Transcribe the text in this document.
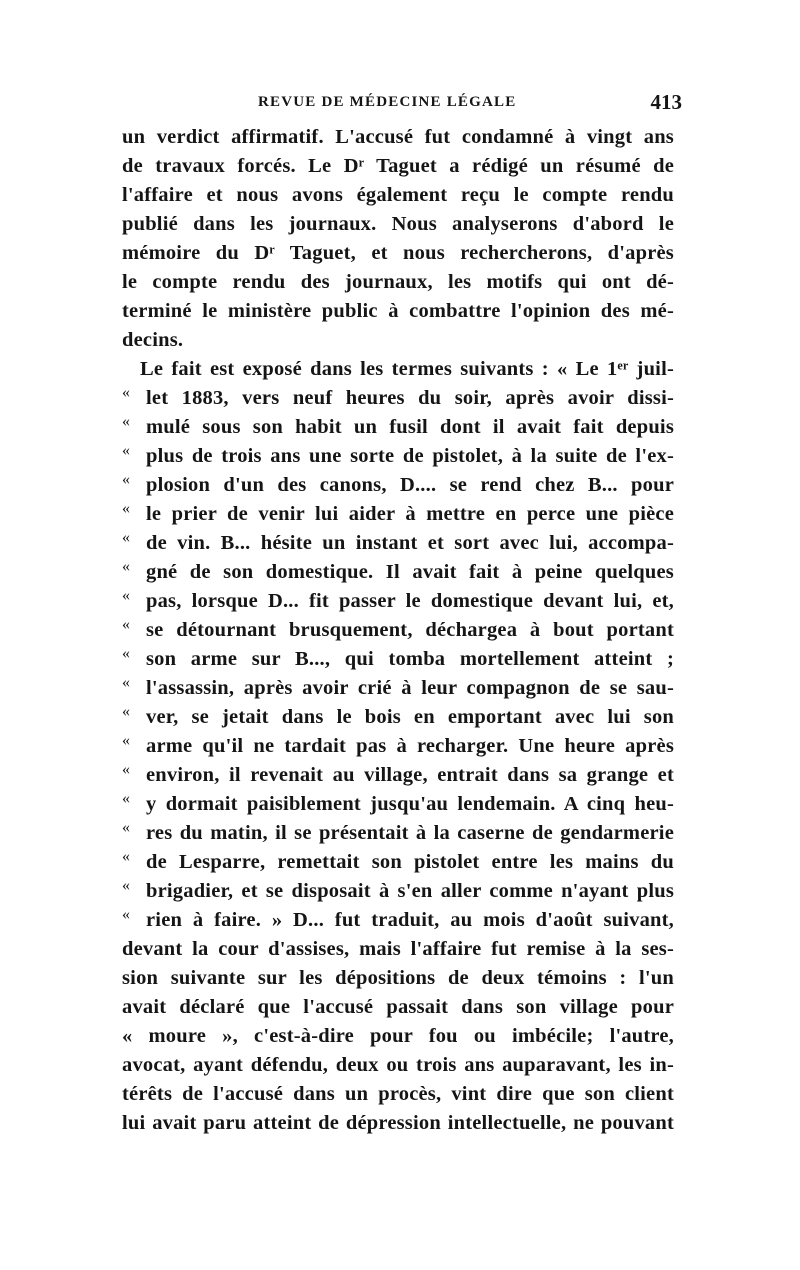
REVUE DE MÉDECINE LÉGALE	413
un verdict affirmatif. L'accusé fut condamné à vingt ans
de travaux forcés. Le Dʳ Taguet a rédigé un résumé de
l'affaire et nous avons également reçu le compte rendu
publié dans les journaux. Nous analyserons d'abord le
mémoire du Dʳ Taguet, et nous rechercherons, d'après
le compte rendu des journaux, les motifs qui ont dé-
terminé le ministère public à combattre l'opinion des mé-
decins.
Le fait est exposé dans les termes suivants : « Le 1ᵉʳ juil-
« let 1883, vers neuf heures du soir, après avoir dissi-
« mulé sous son habit un fusil dont il avait fait depuis
« plus de trois ans une sorte de pistolet, à la suite de l'ex-
« plosion d'un des canons, D.... se rend chez B... pour
« le prier de venir lui aider à mettre en perce une pièce
« de vin. B... hésite un instant et sort avec lui, accompa-
« gné de son domestique. Il avait fait à peine quelques
« pas, lorsque D... fit passer le domestique devant lui, et,
« se détournant brusquement, déchargea à bout portant
« son arme sur B..., qui tomba mortellement atteint ;
« l'assassin, après avoir crié à leur compagnon de se sau-
« ver, se jetait dans le bois en emportant avec lui son
« arme qu'il ne tardait pas à recharger. Une heure après
« environ, il revenait au village, entrait dans sa grange et
« y dormait paisiblement jusqu'au lendemain. A cinq heu-
« res du matin, il se présentait à la caserne de gendarmerie
« de Lesparre, remettait son pistolet entre les mains du
« brigadier, et se disposait à s'en aller comme n'ayant plus
« rien à faire. » D... fut traduit, au mois d'août suivant,
devant la cour d'assises, mais l'affaire fut remise à la ses-
sion suivante sur les dépositions de deux témoins : l'un
avait déclaré que l'accusé passait dans son village pour
« moure », c'est-à-dire pour fou ou imbécile; l'autre,
avocat, ayant défendu, deux ou trois ans auparavant, les in-
térêts de l'accusé dans un procès, vint dire que son client
lui avait paru atteint de dépression intellectuelle, ne pouvant
